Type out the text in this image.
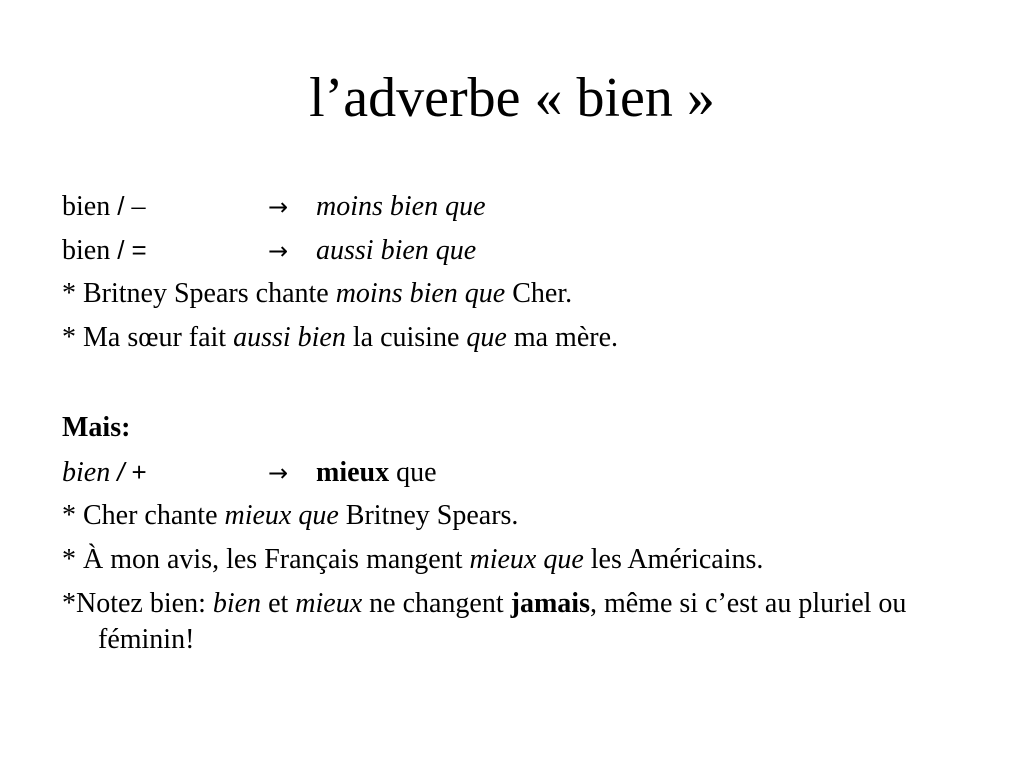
l’adverbe « bien »
bien / –	→ moins bien que
bien / =	→ aussi bien que
* Britney Spears chante moins bien que Cher.
* Ma sœur fait aussi bien la cuisine que ma mère.
Mais:
bien / +	→ mieux que
* Cher chante mieux que Britney Spears.
* À mon avis, les Français mangent mieux que les Américains.
*Notez bien: bien et mieux ne changent jamais, même si c’est au pluriel ou féminin!
